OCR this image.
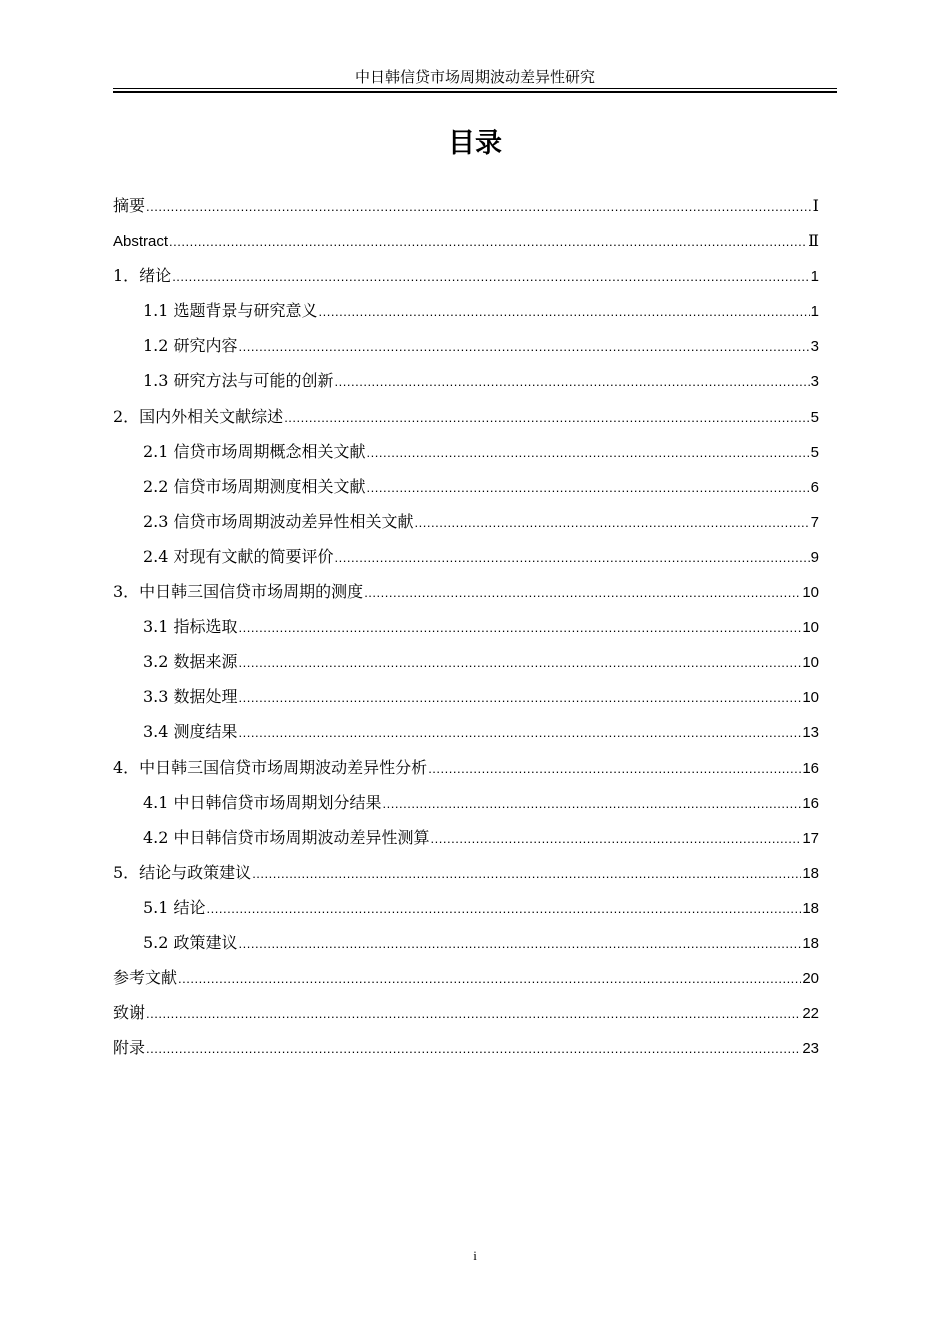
中日韩信贷市场周期波动差异性研究
目录
摘要 .....	Ⅰ
Abstract .....	Ⅱ
1．绪论 .....	1
1.1 选题背景与研究意义 .....	1
1.2 研究内容 .....	3
1.3 研究方法与可能的创新 .....	3
2．国内外相关文献综述 .....	5
2.1 信贷市场周期概念相关文献 .....	5
2.2 信贷市场周期测度相关文献 .....	6
2.3 信贷市场周期波动差异性相关文献 .....	7
2.4 对现有文献的简要评价 .....	9
3．中日韩三国信贷市场周期的测度 .....	10
3.1 指标选取 .....	10
3.2 数据来源 .....	10
3.3 数据处理 .....	10
3.4 测度结果 .....	13
4．中日韩三国信贷市场周期波动差异性分析 .....	16
4.1 中日韩信贷市场周期划分结果 .....	16
4.2 中日韩信贷市场周期波动差异性测算 .....	17
5．结论与政策建议 .....	18
5.1 结论 .....	18
5.2 政策建议 .....	18
参考文献 .....	20
致谢 .....	22
附录 .....	23
i
